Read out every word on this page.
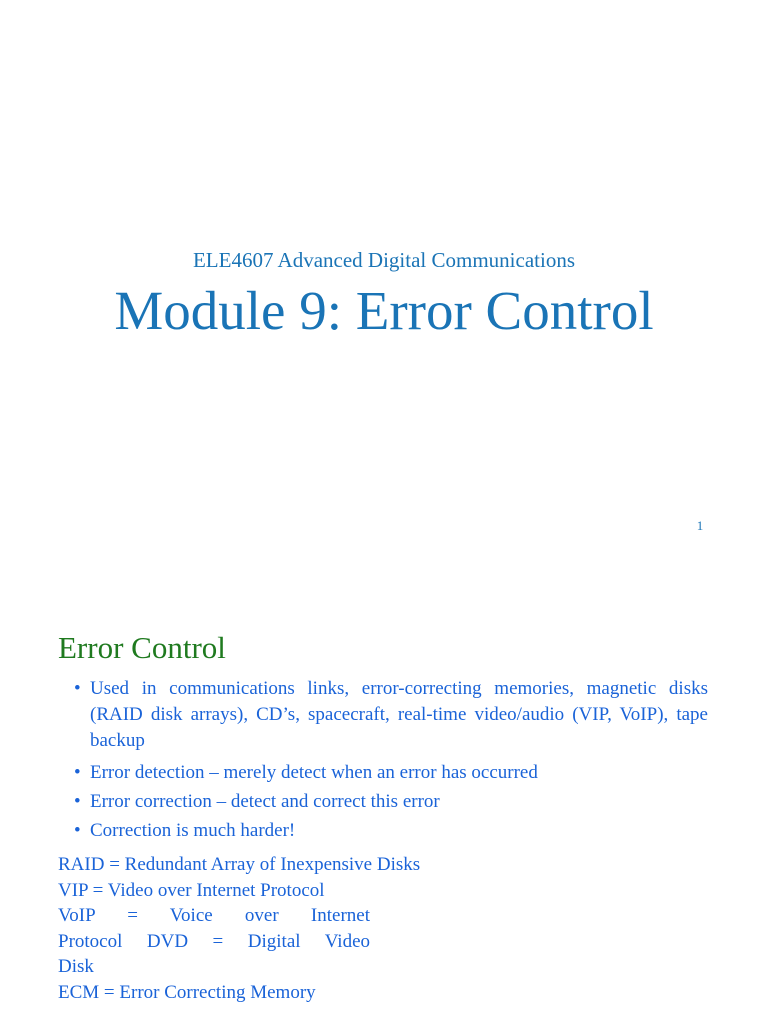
ELE4607 Advanced Digital Communications
Module 9: Error Control
1
Error Control
• Used in communications links, error-correcting memories, magnetic disks (RAID disk arrays), CD’s, spacecraft, real-time video/audio (VIP, VoIP), tape backup
• Error detection – merely detect when an error has occurred
• Error correction – detect and correct this error
• Correction is much harder!
RAID = Redundant Array of Inexpensive Disks
VIP = Video over Internet Protocol
VoIP = Voice over Internet
Protocol DVD = Digital Video
Disk
ECM = Error Correcting Memory
